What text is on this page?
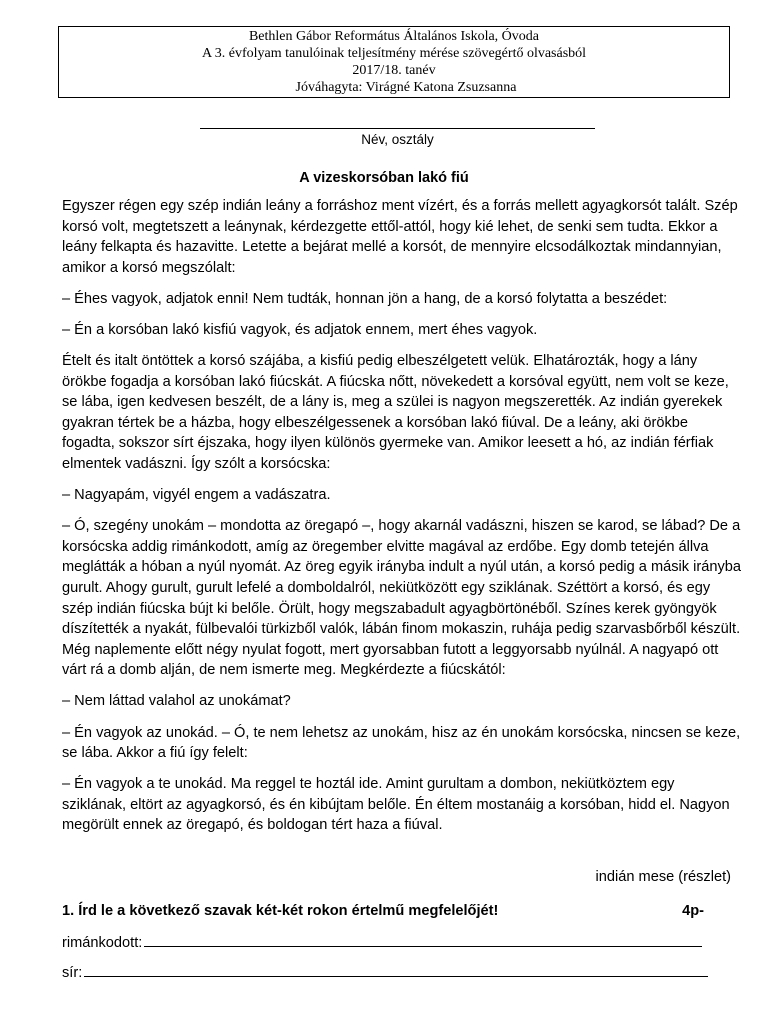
Bethlen Gábor Református Általános Iskola, Óvoda
A 3. évfolyam tanulóinak teljesítmény mérése szövegértő olvasásból
2017/18. tanév
Jóváhagyta: Virágné Katona Zsuzsanna
Név, osztály
A vizeskorsóban lakó fiú

Egyszer régen egy szép indián leány a forráshoz ment vízért, és a forrás mellett agyagkorsót talált. Szép korsó volt, megtetszett a leánynak, kérdezgette ettől-attól, hogy kié lehet, de senki sem tudta. Ekkor a leány felkapta és hazavitte. Letette a bejárat mellé a korsót, de mennyire elcsodálkoztak mindannyian, amikor a korsó megszólalt:

– Éhes vagyok, adjatok enni! Nem tudták, honnan jön a hang, de a korsó folytatta a beszédet:

– Én a korsóban lakó kisfiú vagyok, és adjatok ennem, mert éhes vagyok.

Ételt és italt öntöttek a korsó szájába, a kisfiú pedig elbeszélgetett velük. Elhatározták, hogy a lány örökbe fogadja a korsóban lakó fiúcskát. A fiúcska nőtt, növekedett a korsóval együtt, nem volt se keze, se lába, igen kedvesen beszélt, de a lány is, meg a szülei is nagyon megszerették. Az indián gyerekek gyakran tértek be a házba, hogy elbeszélgessenek a korsóban lakó fiúval. De a leány, aki örökbe fogadta, sokszor sírt éjszaka, hogy ilyen különös gyermeke van. Amikor leesett a hó, az indián férfiak elmentek vadászni. Így szólt a korsócska:

– Nagyapám, vigyél engem a vadászatra.

– Ó, szegény unokám – mondotta az öregapó –, hogy akarnál vadászni, hiszen se karod, se lábad? De a korsócska addig rimánkodott, amíg az öregember elvitte magával az erdőbe. Egy domb tetején állva meglátták a hóban a nyúl nyomát. Az öreg egyik irányba indult a nyúl után, a korsó pedig a másik irányba gurult. Ahogy gurult, gurult lefelé a domboldalról, nekiütközött egy sziklának. Széttört a korsó, és egy szép indián fiúcska bújt ki belőle. Örült, hogy megszabadult agyagbörtönéből. Színes kerek gyöngyök díszítették a nyakát, fülbevalói türkizből valók, lábán finom mokaszin, ruhája pedig szarvasbőrből készült. Még naplemente előtt négy nyulat fogott, mert gyorsabban futott a leggyorsabb nyúlnál. A nagyapó ott várt rá a domb alján, de nem ismerte meg. Megkérdezte a fiúcskától:

– Nem láttad valahol az unokámat?

– Én vagyok az unokád. – Ó, te nem lehetsz az unokám, hisz az én unokám korsócska, nincsen se keze, se lába. Akkor a fiú így felelt:

– Én vagyok a te unokád. Ma reggel te hoztál ide. Amint gurultam a dombon, nekiütköztem egy sziklának, eltört az agyagkorsó, és én kibújtam belőle. Én éltem mostanáig a korsóban, hidd el. Nagyon megörült ennek az öregapó, és boldogan tért haza a fiúval.

indián mese (részlet)
1. Írd le a következő szavak két-két rokon értelmű megfelelőjét!	4p-
rimánkodott:
sír:
